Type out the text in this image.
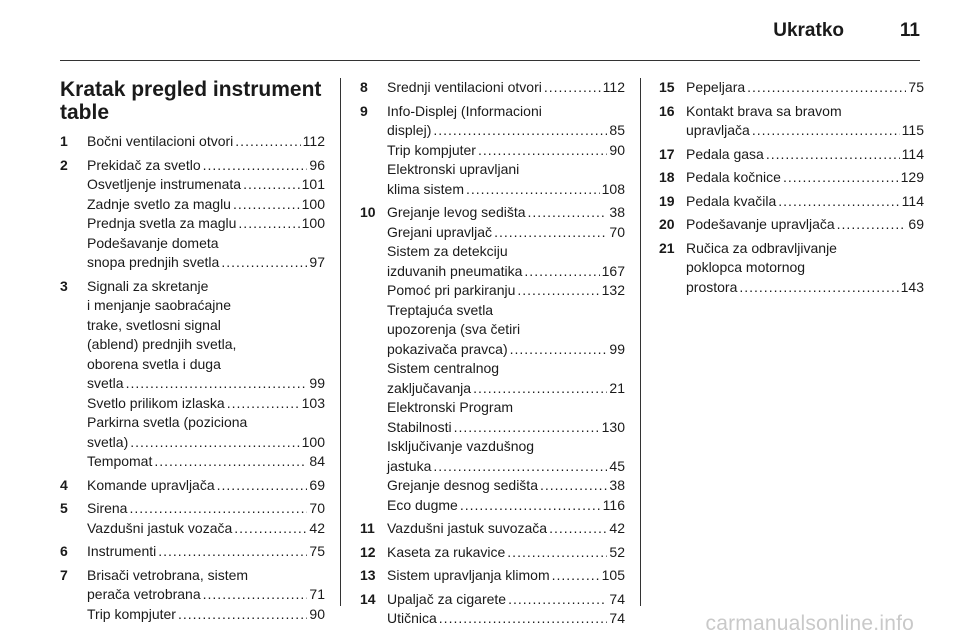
Ukratko	11
Kratak pregled instrument table
1	Bočni ventilacioni otvori .....	112
2	Prekidač za svetlo .....	96
Osvetljenje instrumenata .....	101
Zadnje svetlo za maglu .....	100
Prednja svetla za maglu .....	100
Podešavanje dometa
snopa prednjih svetla .....	97
3	Signali za skretanje
i menjanje saobraćajne
trake, svetlosni signal
(ablend) prednjih svetla,
oborena svetla i duga
svetla .....	99
Svetlo prilikom izlaska .....	103
Parkirna svetla (poziciona
svetla) .....	100
Tempomat .....	84
4	Komande upravljača .....	69
5	Sirena .....	70
Vazdušni jastuk vozača .....	42
6	Instrumenti .....	75
7	Brisači vetrobrana, sistem
perača vetrobrana .....	71
Trip kompjuter .....	90
8	Srednji ventilacioni otvori .....	112
9	Info-Displej (Informacioni
displej) .....	85
Trip kompjuter .....	90
Elektronski upravljani
klima sistem .....	108
10 Grejanje levog sedišta .....	38
Grejani upravljač .....	70
Sistem za detekciju
izduvanih pneumatika .....	167
Pomoć pri parkiranju .....	132
Treptajuća svetla
upozorenja (sva četiri
pokazivača pravca) .....	99
Sistem centralnog
zaključavanja .....	21
Elektronski Program
Stabilnosti .....	130
Isključivanje vazdušnog
jastuka .....	45
Grejanje desnog sedišta .....	38
Eco dugme .....	116
11 Vazdušni jastuk suvozača .....	42
12 Kaseta za rukavice .....	52
13 Sistem upravljanja klimom .....	105
14 Upaljač za cigarete .....	74
Utičnica .....	74
15 Pepeljara .....	75
16 Kontakt brava sa bravom
upravljača .....	115
17 Pedala gasa .....	114
18 Pedala kočnice .....	129
19 Pedala kvačila .....	114
20 Podešavanje upravljača .....	69
21 Ručica za odbravljivanje
poklopca motornog
prostora .....	143
carmanualsonline.info
